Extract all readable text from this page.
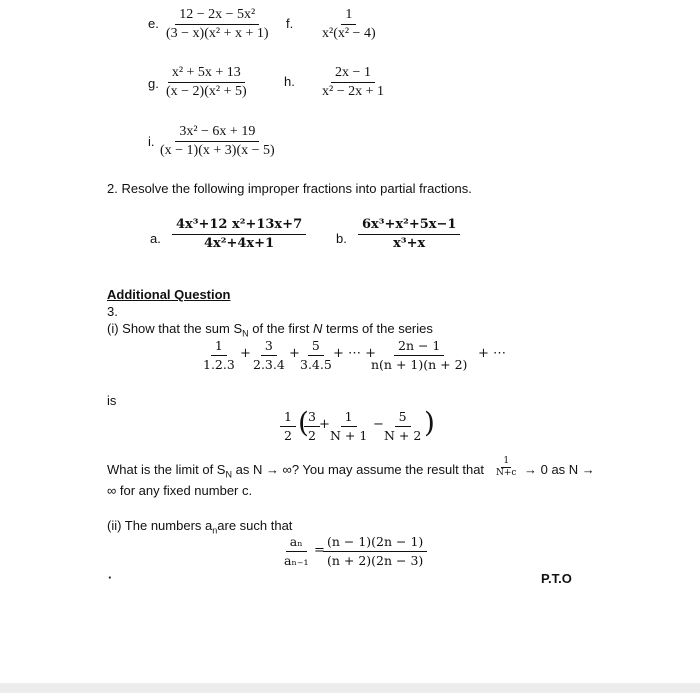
e. $\frac{\text{12 − 2x − 5x²}}{\text{(3 − x)(x² + x + 1)}} f$. $\frac{1}{\text{x²(x² − 4)}}$
g. $\frac{\text{x² + 5x + 13}}{\text{(x − 2)(x² + 5)}}$	h. $\frac{2x - 1}{\text{x² − 2x + 1}}$
i. $\frac{\text{3x² − 6x + 19}}{(x - 1)(x + 3)(x - 5)}$
2. Resolve the following improper fractions into partial fractions.
a. $\frac{\text{4x³+12 x²+13x+7}}{\text{4x²+4x+1}} b$. $\frac{\text{6x³+x²+5x−1}}{\text{x³+x}}$
Additional Question
3.
(i) Show that the sum $S_N$ of the first N terms of the series
$\frac{1}{1.2.3}$ +
$\frac{3}{2.3.4}$ +
$\frac{5}{3.4.5}$
+ ⋯ +
$\frac{2n - 1}{n(n + 1)(n + 2)}$ + ⋯
is
$\frac{1}{2}$ (
$\frac{3}{2}$ +
$\frac{1}{N + 1}$ −
$\frac{5}{N + 2}$
)
What is the limit of $S_N$ as N → ∞? You may assume the result that $\frac{1}{N+c} \to 0$ as N →
∞ for any fixed number c.
(ii) The numbers $a_nare$ such that
$\frac{\text{aₙ}}{\text{aₙ₋₁}}$ =
$\frac{(n - 1)(2n - 1)}{(n + 2)(2n - 3)}$
·	P.T.O
